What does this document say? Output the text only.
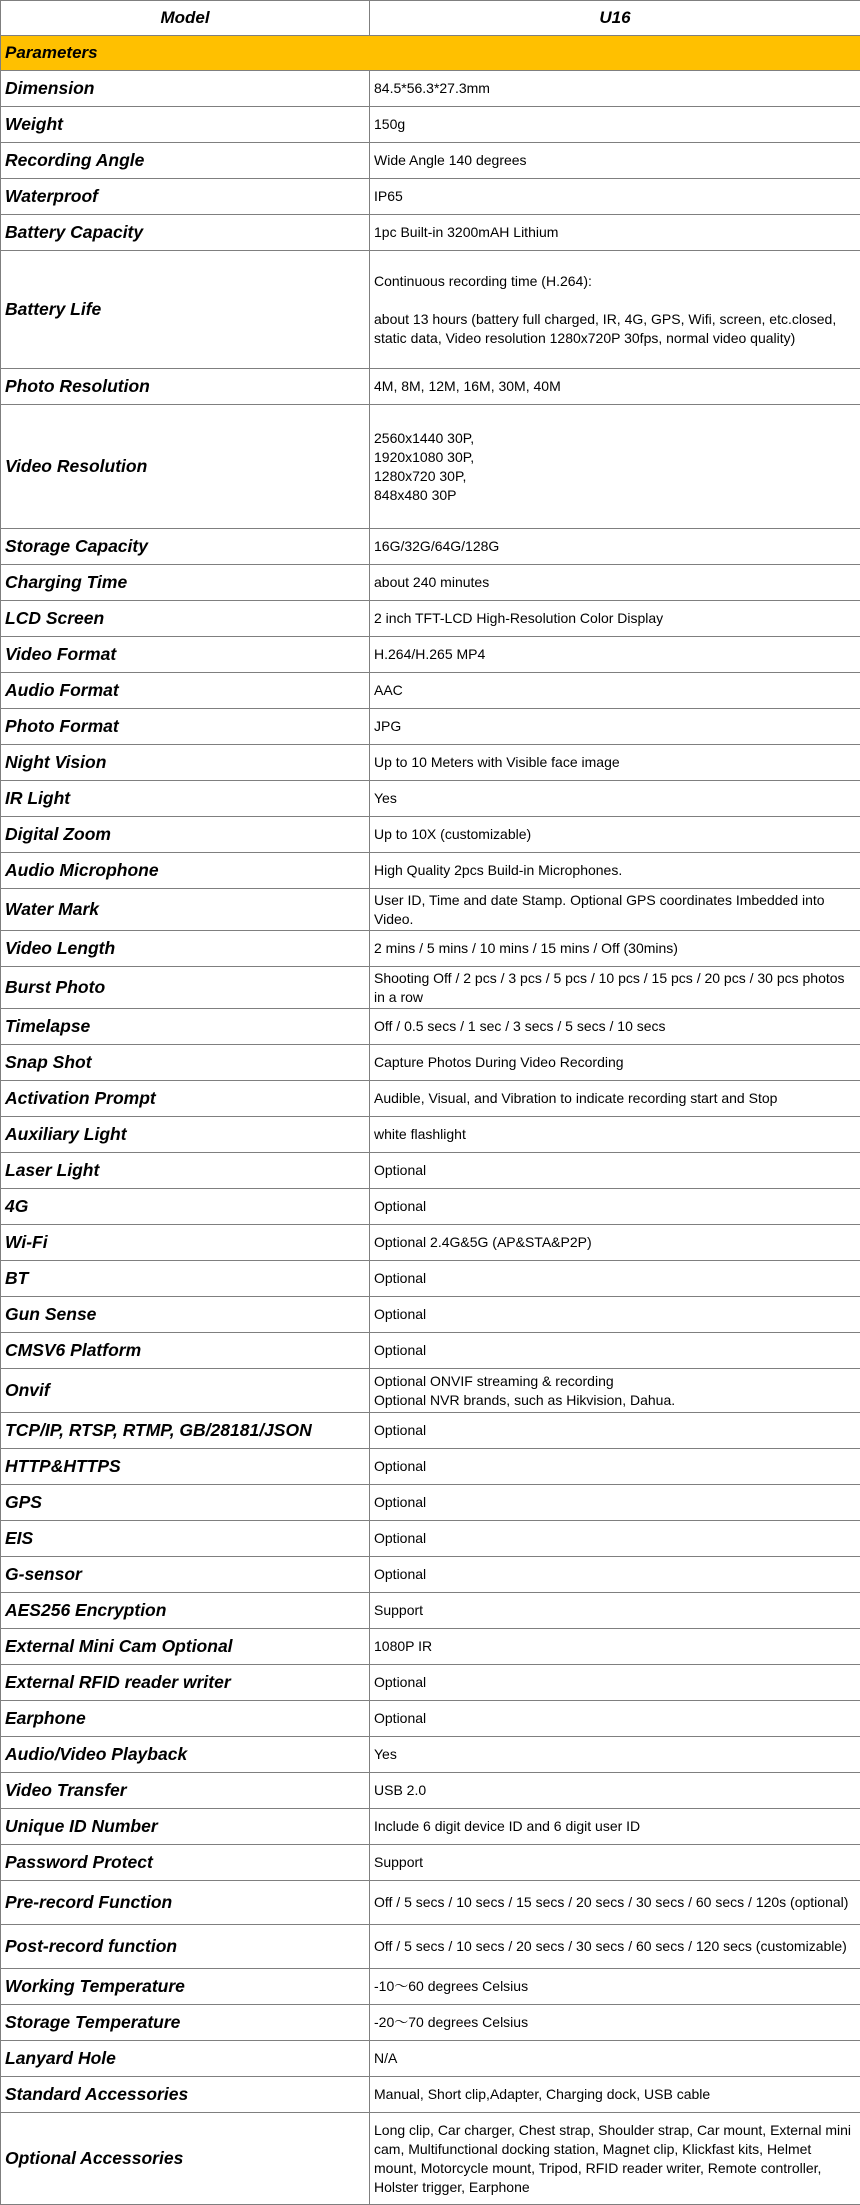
Model	U16
Parameters	
Dimension	84.5*56.3*27.3mm
Weight	150g
Recording Angle	Wide Angle 140 degrees
Waterproof	IP65
Battery Capacity	1pc Built-in 3200mAH Lithium
Battery Life	Continuous recording time (H.264):

about 13 hours (battery full charged, IR, 4G, GPS, Wifi, screen, etc.closed, static data, Video resolution 1280x720P 30fps, normal video quality)
Photo Resolution	4M, 8M, 12M, 16M, 30M, 40M
Video Resolution	2560x1440 30P,
1920x1080 30P,
1280x720 30P,
848x480 30P
Storage Capacity	16G/32G/64G/128G
Charging Time	about 240 minutes
LCD Screen	2 inch TFT-LCD High-Resolution Color Display
Video Format	H.264/H.265 MP4
Audio Format	AAC
Photo Format	JPG
Night Vision	Up to 10 Meters with Visible face image
IR Light	Yes
Digital Zoom	Up to 10X (customizable)
Audio Microphone	High Quality 2pcs Build-in Microphones.
Water Mark	User ID, Time and date Stamp. Optional GPS coordinates Imbedded into Video.
Video Length	2 mins / 5 mins / 10 mins / 15 mins / Off (30mins)
Burst Photo	Shooting Off / 2 pcs / 3 pcs / 5 pcs / 10 pcs / 15 pcs / 20 pcs / 30 pcs photos in a row
Timelapse	Off / 0.5 secs / 1 sec / 3 secs / 5 secs / 10 secs
Snap Shot	Capture Photos During Video Recording
Activation Prompt	Audible, Visual, and Vibration to indicate recording start and Stop
Auxiliary Light	white flashlight
Laser Light	Optional
4G	Optional
Wi-Fi	Optional 2.4G&5G (AP&STA&P2P)
BT	Optional
Gun Sense	Optional
CMSV6 Platform	Optional
Onvif	Optional ONVIF streaming & recording
Optional NVR brands, such as Hikvision, Dahua.
TCP/IP, RTSP, RTMP, GB/28181/JSON	Optional
HTTP&HTTPS	Optional
GPS	Optional
EIS	Optional
G-sensor	Optional
AES256 Encryption	Support
External Mini Cam Optional	1080P IR
External RFID reader writer	Optional
Earphone	Optional
Audio/Video Playback	Yes
Video Transfer	USB 2.0
Unique ID Number	Include 6 digit device ID and 6 digit user ID
Password Protect	Support
Pre-record Function	Off / 5 secs / 10 secs / 15 secs / 20 secs / 30 secs / 60 secs / 120s (optional)
Post-record function	Off / 5 secs / 10 secs / 20 secs / 30 secs / 60 secs / 120 secs (customizable)
Working Temperature	-10～60 degrees Celsius
Storage Temperature	-20～70 degrees Celsius
Lanyard Hole	N/A
Standard Accessories	Manual, Short clip,Adapter, Charging dock, USB cable
Optional Accessories	Long clip, Car charger, Chest strap, Shoulder strap, Car mount, External mini cam, Multifunctional docking station, Magnet clip, Klickfast kits, Helmet mount, Motorcycle mount, Tripod, RFID reader writer, Remote controller, Holster trigger, Earphone
